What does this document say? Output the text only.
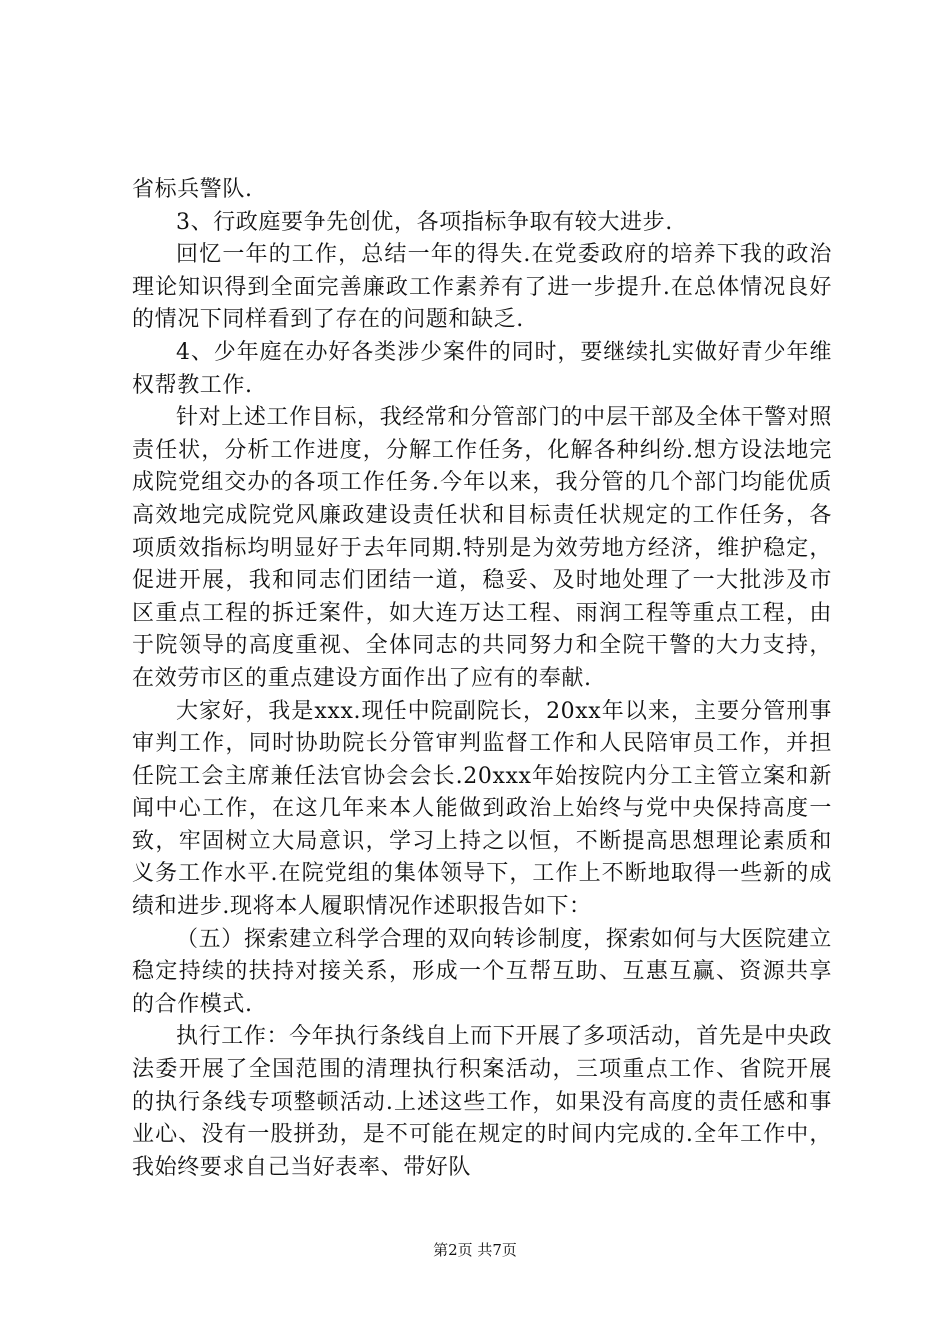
省标兵警队.

3、行政庭要争先创优，各项指标争取有较大进步.

回忆一年的工作，总结一年的得失.在党委政府的培养下我的政治理论知识得到全面完善廉政工作素养有了进一步提升.在总体情况良好的情况下同样看到了存在的问题和缺乏.

4、少年庭在办好各类涉少案件的同时，要继续扎实做好青少年维权帮教工作.

针对上述工作目标，我经常和分管部门的中层干部及全体干警对照责任状，分析工作进度，分解工作任务，化解各种纠纷.想方设法地完成院党组交办的各项工作任务.今年以来，我分管的几个部门均能优质高效地完成院党风廉政建设责任状和目标责任状规定的工作任务，各项质效指标均明显好于去年同期.特别是为效劳地方经济，维护稳定，促进开展，我和同志们团结一道，稳妥、及时地处理了一大批涉及市区重点工程的拆迁案件，如大连万达工程、雨润工程等重点工程，由于院领导的高度重视、全体同志的共同努力和全院干警的大力支持，在效劳市区的重点建设方面作出了应有的奉献.

大家好，我是xxx.现任中院副院长，20xx年以来，主要分管刑事审判工作，同时协助院长分管审判监督工作和人民陪审员工作，并担任院工会主席兼任法官协会会长.20xxx年始按院内分工主管立案和新闻中心工作，在这几年来本人能做到政治上始终与党中央保持高度一致，牢固树立大局意识，学习上持之以恒，不断提高思想理论素质和义务工作水平.在院党组的集体领导下，工作上不断地取得一些新的成绩和进步.现将本人履职情况作述职报告如下：

（五）探索建立科学合理的双向转诊制度，探索如何与大医院建立稳定持续的扶持对接关系，形成一个互帮互助、互惠互赢、资源共享的合作模式.

执行工作：今年执行条线自上而下开展了多项活动，首先是中央政法委开展了全国范围的清理执行积案活动，三项重点工作、省院开展的执行条线专项整顿活动.上述这些工作，如果没有高度的责任感和事业心、没有一股拼劲，是不可能在规定的时间内完成的.全年工作中，我始终要求自己当好表率、带好队

第2页 共7页
